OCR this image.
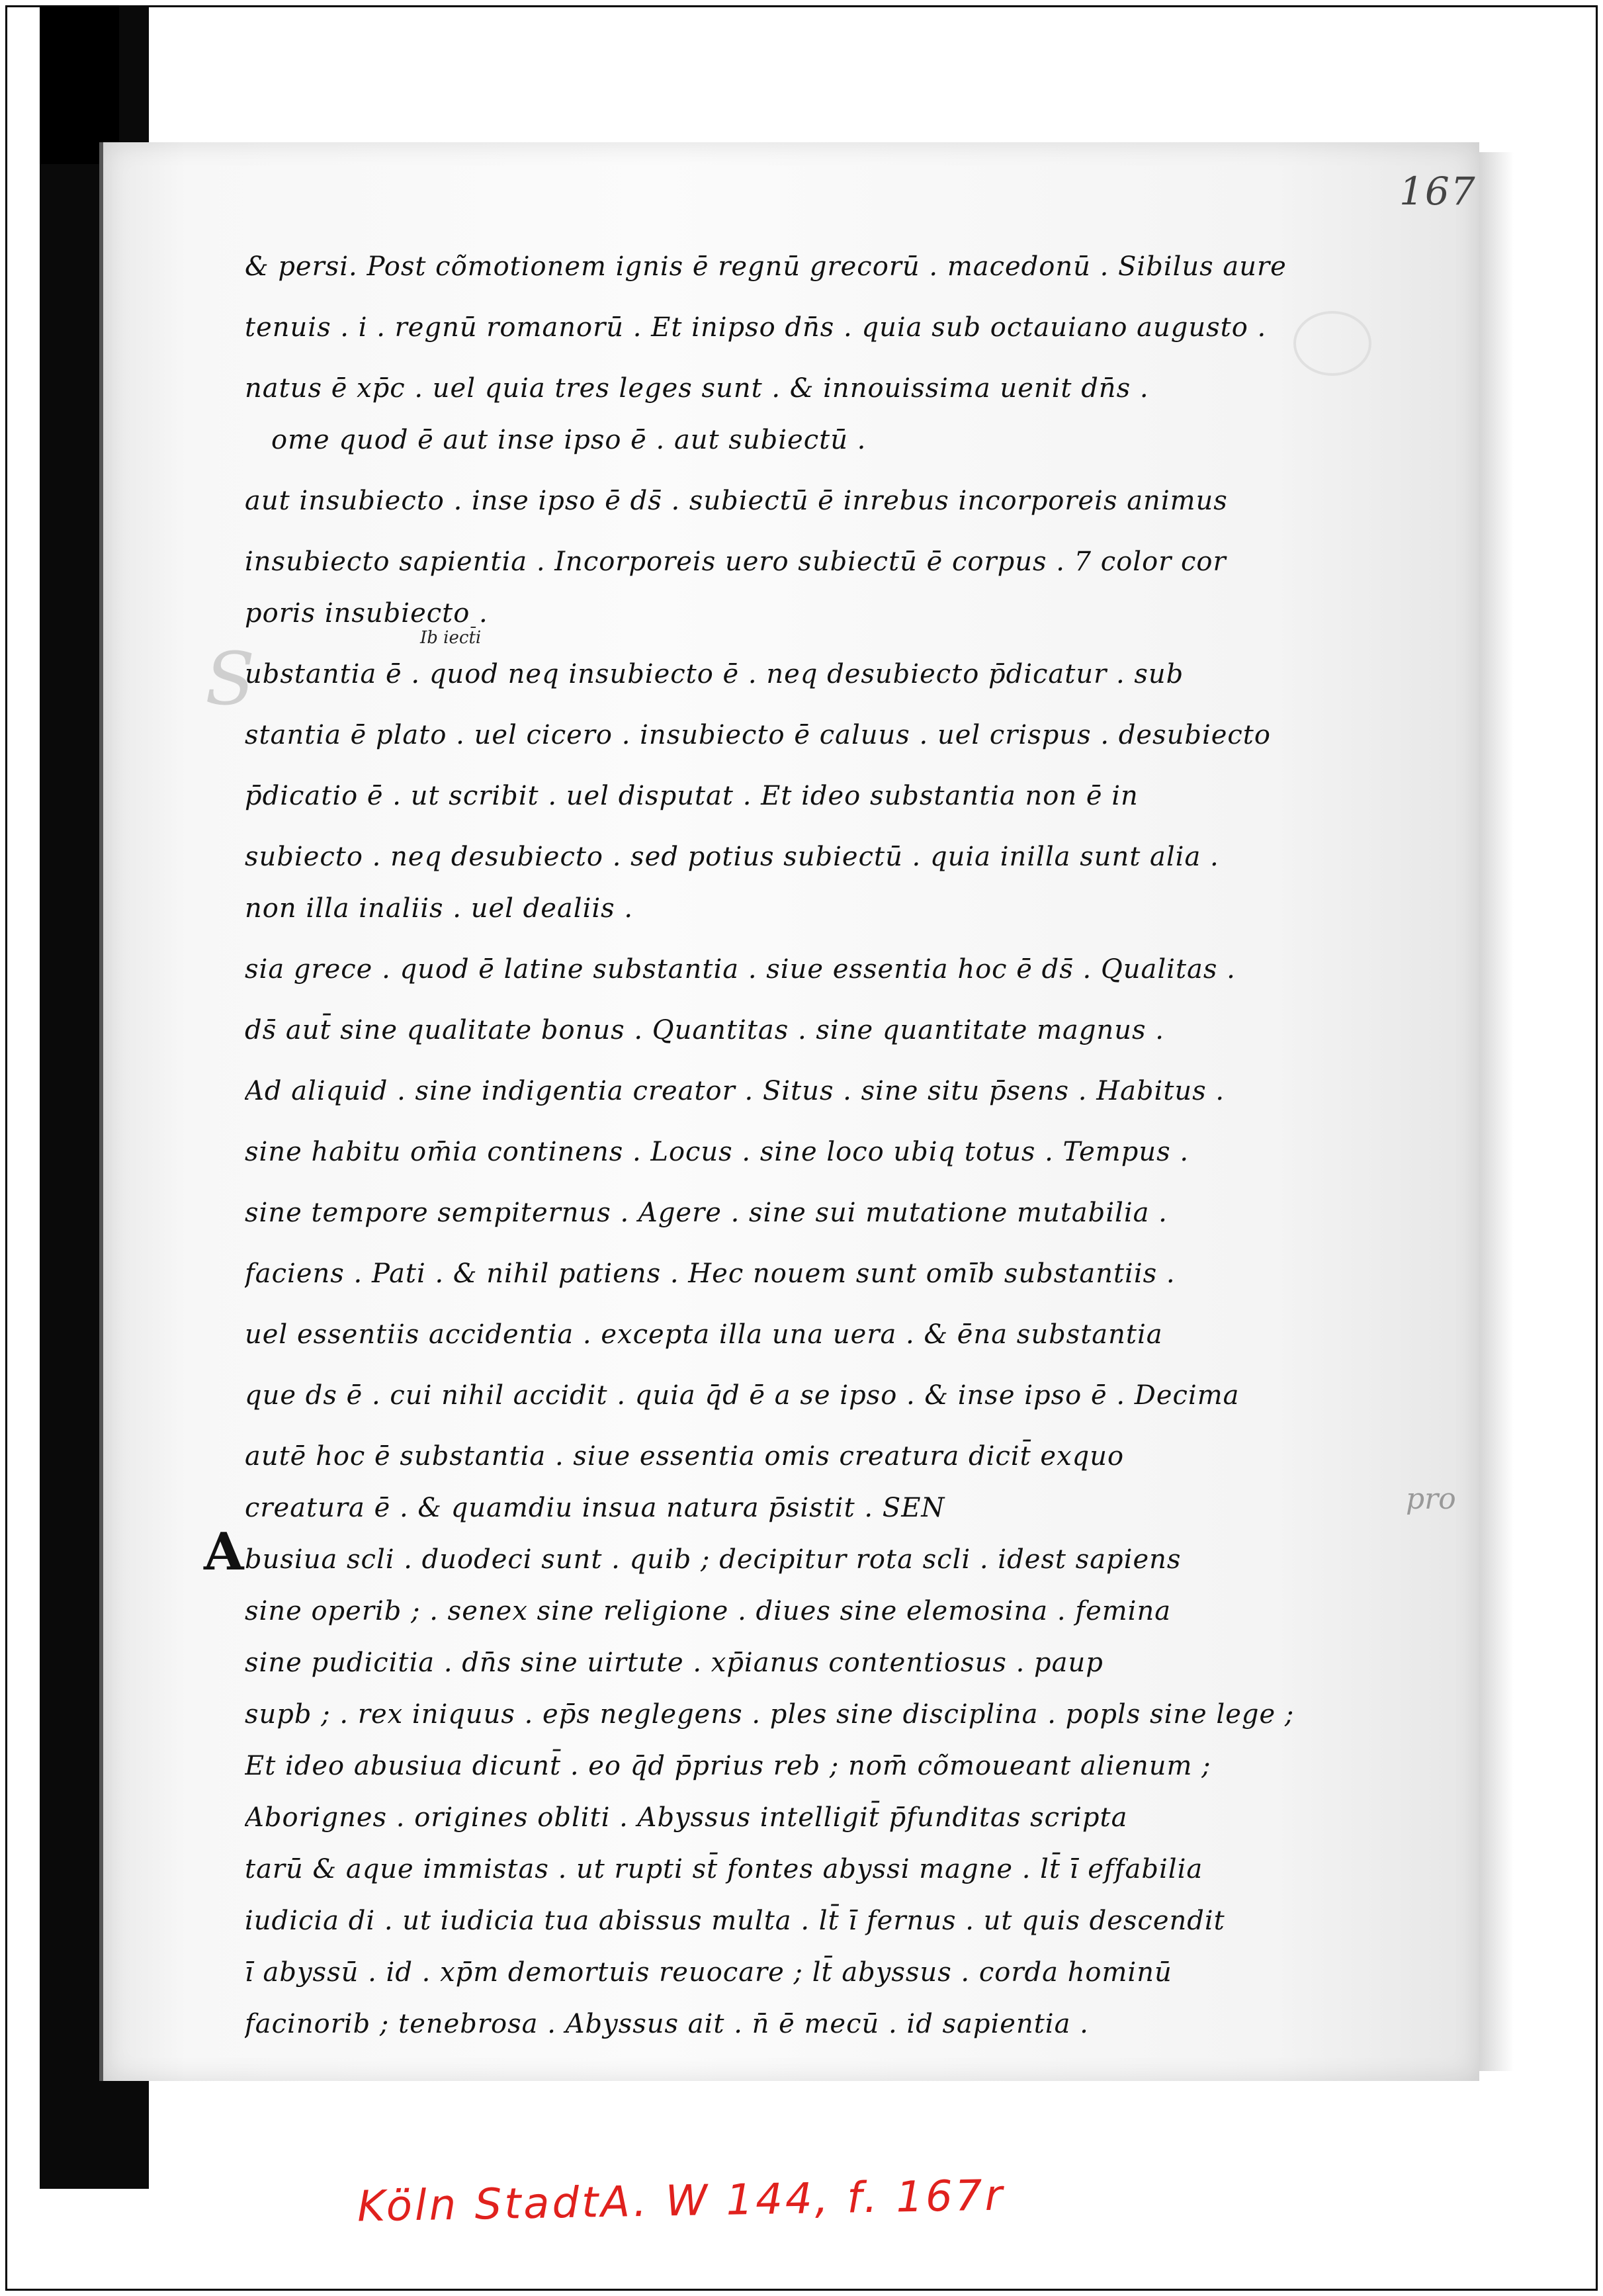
167
pro
& persi. Post cõmotionem ignis ē regnū grecorū . macedonū . Sibilus aure
tenuis . i . regnū romanorū . Et inipso dn̄s . quia sub octauiano augusto .
natus ē xp̄c . uel quia tres leges sunt . & innouissima uenit dn̄s .
ome quod ē aut inse ipso ē . aut subiectū .
aut insubiecto . inse ipso ē ds̄ . subiectū ē inrebus incorporeis animus
insubiecto sapientia . Incorporeis uero subiectū ē corpus . 7 color cor
poris insubiecto .
S	Ib iect̄i
ubstantia ē . quod neq insubiecto ē . neq desubiecto p̄dicatur . sub
stantia ē plato . uel cicero . insubiecto ē caluus . uel crispus . desubiecto
p̄dicatio ē . ut scribit . uel disputat . Et ideo substantia non ē in
subiecto . neq desubiecto . sed potius subiectū . quia inilla sunt alia .
non illa inaliis . uel dealiis .
sia grece . quod ē latine substantia . siue essentia hoc ē ds̄ . Qualitas .
ds̄ aut̄ sine qualitate bonus . Quantitas . sine quantitate magnus .
Ad aliquid . sine indigentia creator . Situs . sine situ p̄sens . Habitus .
sine habitu om̄ia continens . Locus . sine loco ubiq totus . Tempus .
sine tempore sempiternus . Agere . sine sui mutatione mutabilia .
faciens . Pati . & nihil patiens . Hec nouem sunt omīb substantiis .
uel essentiis accidentia . excepta illa una uera . & ēna substantia
que ds ē . cui nihil accidit . quia q̄d ē a se ipso . & inse ipso ē . Decima
autē hoc ē substantia . siue essentia omis creatura dicit̄ exquo
creatura ē . & quamdiu insua natura p̄sistit . SEN
A busiua scli . duodeci sunt . quib ; decipitur rota scli . idest sapiens
sine operib ; . senex sine religione . diues sine elemosina . femina
sine pudicitia . dn̄s sine uirtute . xp̄ianus contentiosus . paup
supb ; . rex iniquus . ep̄s neglegens . ples sine disciplina . popls sine lege ;
Et ideo abusiua dicunt̄ . eo q̄d p̄prius reb ; nom̄ cõmoueant alienum ;
Aborignes . origines obliti . Abyssus intelligit̄ p̄funditas scripta
tarū & aque immistas . ut rupti st̄ fontes abyssi magne . lt̄ ī effabilia
iudicia di . ut iudicia tua abissus multa . lt̄ ī fernus . ut quis descendit
ī abyssū . id . xp̄m demortuis reuocare ; lt̄ abyssus . corda hominū
facinorib ; tenebrosa . Abyssus ait . n̄ ē mecū . id sapientia .
Köln StadtA. W 144, f. 167r
